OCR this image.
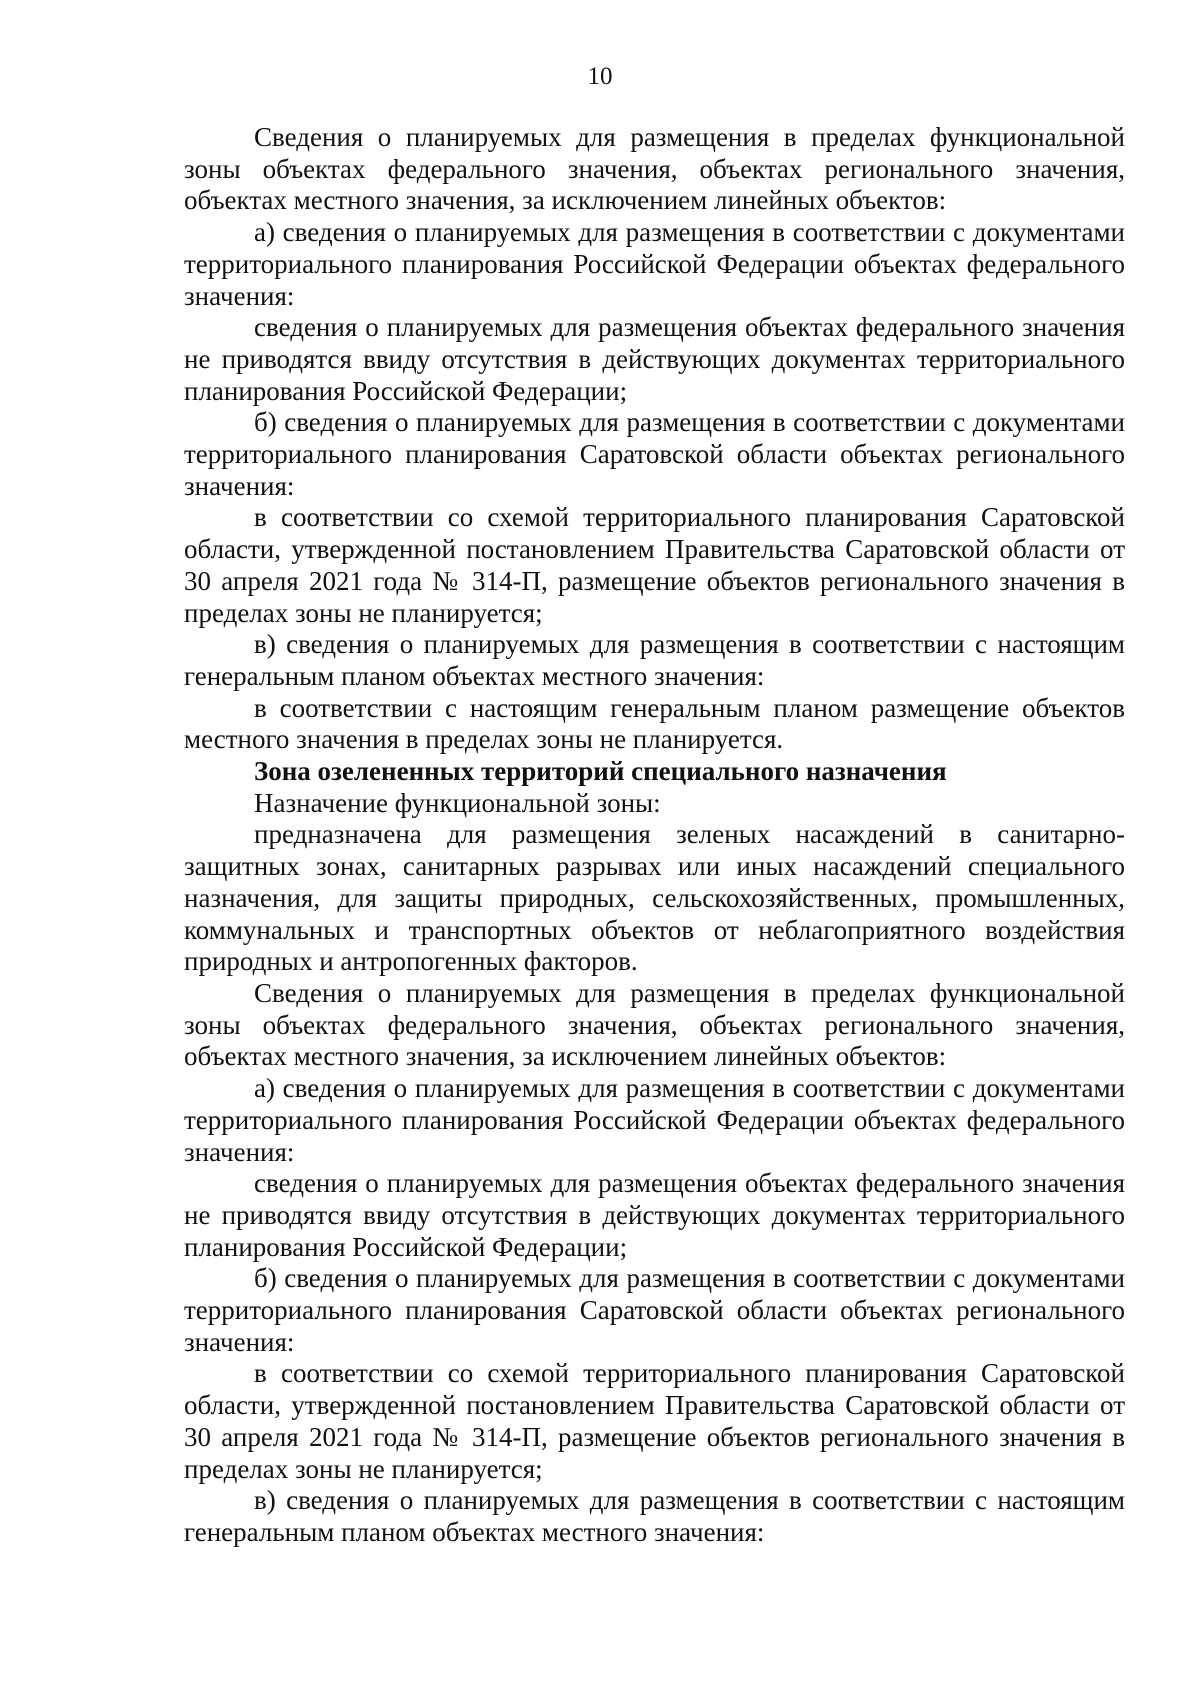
10

Сведения о планируемых для размещения в пределах функциональной зоны объектах федерального значения, объектах регионального значения, объектах местного значения, за исключением линейных объектов:

а) сведения о планируемых для размещения в соответствии с документами территориального планирования Российской Федерации объектах федерального значения:

сведения о планируемых для размещения объектах федерального значения не приводятся ввиду отсутствия в действующих документах территориального планирования Российской Федерации;

б) сведения о планируемых для размещения в соответствии с документами территориального планирования Саратовской области объектах регионального значения:

в соответствии со схемой территориального планирования Саратовской области, утвержденной постановлением Правительства Саратовской области от 30 апреля 2021 года № 314-П, размещение объектов регионального значения в пределах зоны не планируется;

в) сведения о планируемых для размещения в соответствии с настоящим генеральным планом объектах местного значения:

в соответствии с настоящим генеральным планом размещение объектов местного значения в пределах зоны не планируется.

Зона озелененных территорий специального назначения

Назначение функциональной зоны:

предназначена для размещения зеленых насаждений в санитарно-защитных зонах, санитарных разрывах или иных насаждений специального назначения, для защиты природных, сельскохозяйственных, промышленных, коммунальных и транспортных объектов от неблагоприятного воздействия природных и антропогенных факторов.

Сведения о планируемых для размещения в пределах функциональной зоны объектах федерального значения, объектах регионального значения, объектах местного значения, за исключением линейных объектов:

а) сведения о планируемых для размещения в соответствии с документами территориального планирования Российской Федерации объектах федерального значения:

сведения о планируемых для размещения объектах федерального значения не приводятся ввиду отсутствия в действующих документах территориального планирования Российской Федерации;

б) сведения о планируемых для размещения в соответствии с документами территориального планирования Саратовской области объектах регионального значения:

в соответствии со схемой территориального планирования Саратовской области, утвержденной постановлением Правительства Саратовской области от 30 апреля 2021 года № 314-П, размещение объектов регионального значения в пределах зоны не планируется;

в) сведения о планируемых для размещения в соответствии с настоящим генеральным планом объектах местного значения:
